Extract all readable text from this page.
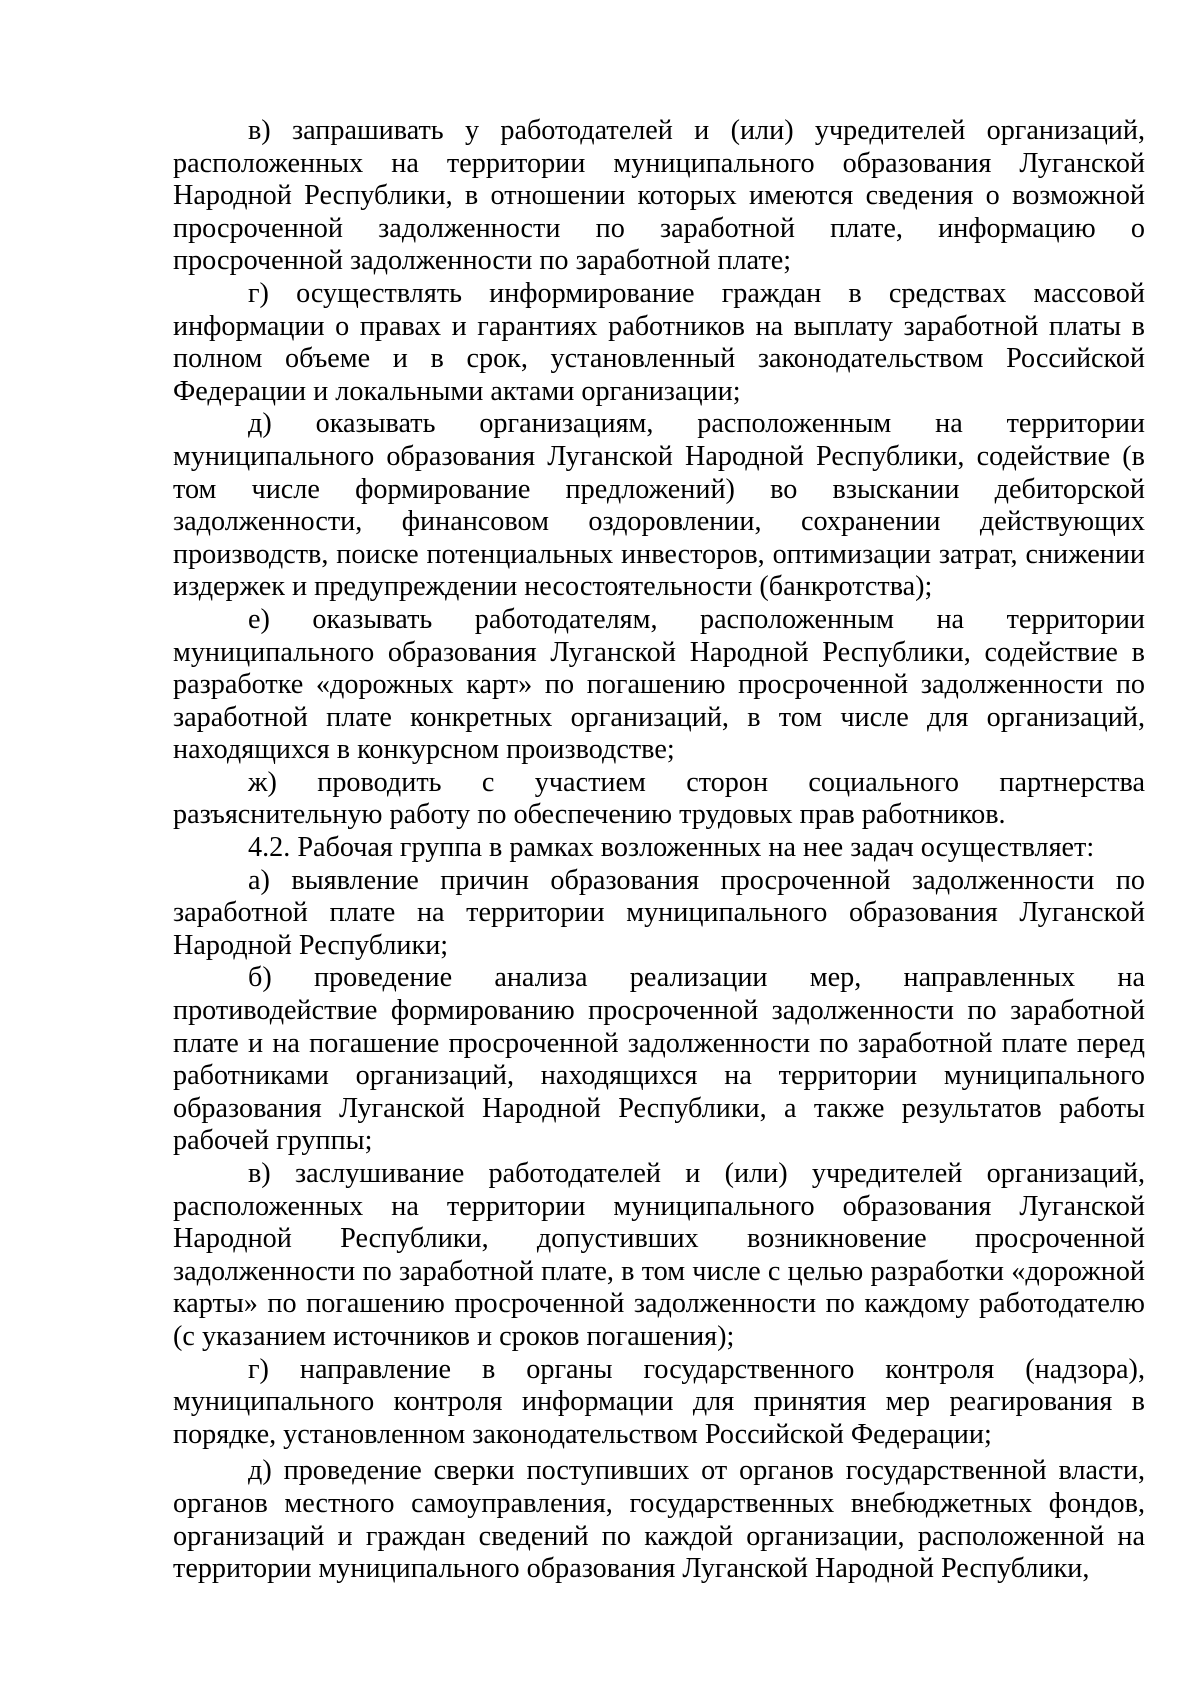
в) запрашивать у работодателей и (или) учредителей организаций, расположенных на территории муниципального образования Луганской Народной Республики, в отношении которых имеются сведения о возможной просроченной задолженности по заработной плате, информацию о просроченной задолженности по заработной плате;

г) осуществлять информирование граждан в средствах массовой информации о правах и гарантиях работников на выплату заработной платы в полном объеме и в срок, установленный законодательством Российской Федерации и локальными актами организации;

д) оказывать организациям, расположенным на территории муниципального образования Луганской Народной Республики, содействие (в том числе формирование предложений) во взыскании дебиторской задолженности, финансовом оздоровлении, сохранении действующих производств, поиске потенциальных инвесторов, оптимизации затрат, снижении издержек и предупреждении несостоятельности (банкротства);

е) оказывать работодателям, расположенным на территории муниципального образования Луганской Народной Республики, содействие в разработке «дорожных карт» по погашению просроченной задолженности по заработной плате конкретных организаций, в том числе для организаций, находящихся в конкурсном производстве;

ж) проводить с участием сторон социального партнерства разъяснительную работу по обеспечению трудовых прав работников.

4.2. Рабочая группа в рамках возложенных на нее задач осуществляет:

а) выявление причин образования просроченной задолженности по заработной плате на территории муниципального образования Луганской Народной Республики;

б) проведение анализа реализации мер, направленных на противодействие формированию просроченной задолженности по заработной плате и на погашение просроченной задолженности по заработной плате перед работниками организаций, находящихся на территории муниципального образования Луганской Народной Республики, а также результатов работы рабочей группы;

в) заслушивание работодателей и (или) учредителей организаций, расположенных на территории муниципального образования Луганской Народной Республики, допустивших возникновение просроченной задолженности по заработной плате, в том числе с целью разработки «дорожной карты» по погашению просроченной задолженности по каждому работодателю (с указанием источников и сроков погашения);

г) направление в органы государственного контроля (надзора), муниципального контроля информации для принятия мер реагирования в порядке, установленном законодательством Российской Федерации;

д) проведение сверки поступивших от органов государственной власти, органов местного самоуправления, государственных внебюджетных фондов, организаций и граждан сведений по каждой организации, расположенной на территории муниципального образования Луганской Народной Республики,
